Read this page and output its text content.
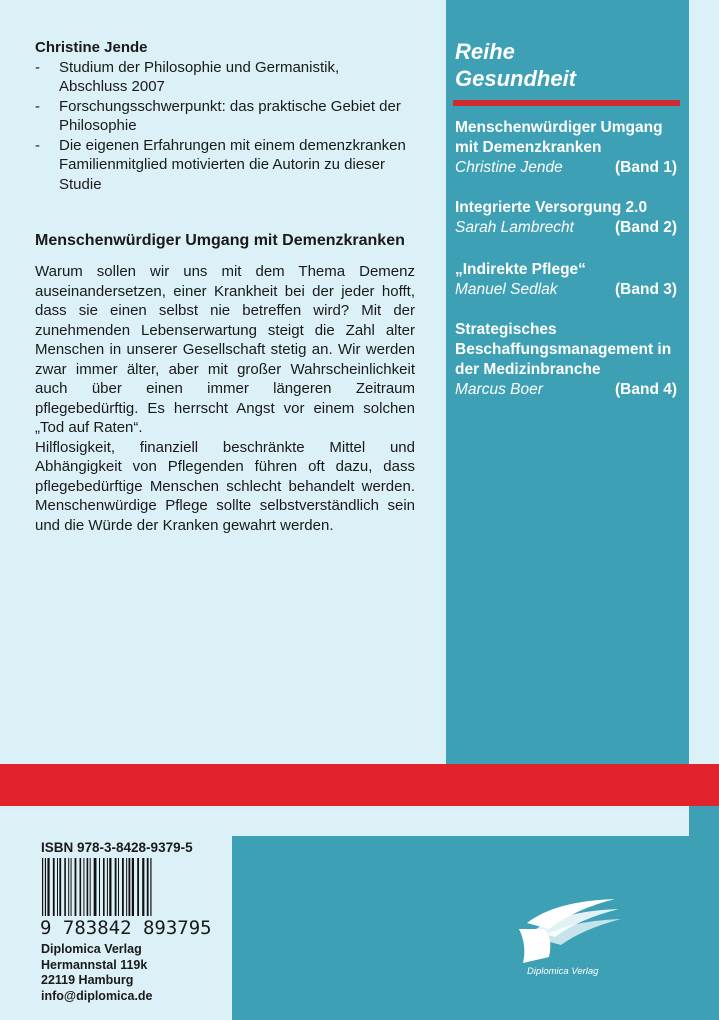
Christine Jende
- Studium der Philosophie und Germanistik, Abschluss 2007
- Forschungsschwerpunkt: das praktische Gebiet der Philosophie
- Die eigenen Erfahrungen mit einem demenzkranken Familienmitglied motivierten die Autorin zu dieser Studie
Menschenwürdiger Umgang mit Demenzkranken
Warum sollen wir uns mit dem Thema Demenz auseinandersetzen, einer Krankheit bei der jeder hofft, dass sie einen selbst nie betreffen wird? Mit der zunehmenden Lebenserwartung steigt die Zahl alter Menschen in unserer Gesellschaft stetig an. Wir werden zwar immer älter, aber mit großer Wahrscheinlichkeit auch über einen immer längeren Zeitraum pflegebedürftig. Es herrscht Angst vor einem solchen „Tod auf Raten“.
Hilflosigkeit, finanziell beschränkte Mittel und Abhängigkeit von Pflegenden führen oft dazu, dass pflegebedürftige Menschen schlecht behandelt werden. Menschenwürdige Pflege sollte selbstverständlich sein und die Würde der Kranken gewahrt werden.
Reihe
Gesundheit
Menschenwürdiger Umgang mit Demenzkranken
Christine Jende	(Band 1)
Integrierte Versorgung 2.0
Sarah Lambrecht	(Band 2)
„Indirekte Pflege“
Manuel Sedlak	(Band 3)
Strategisches Beschaffungsmanagement in der Medizinbranche
Marcus Boer	(Band 4)
ISBN 978-3-8428-9379-5
9 783842 893795
Diplomica Verlag
Hermannstal 119k
22119 Hamburg
info@diplomica.de
Diplomica Verlag
